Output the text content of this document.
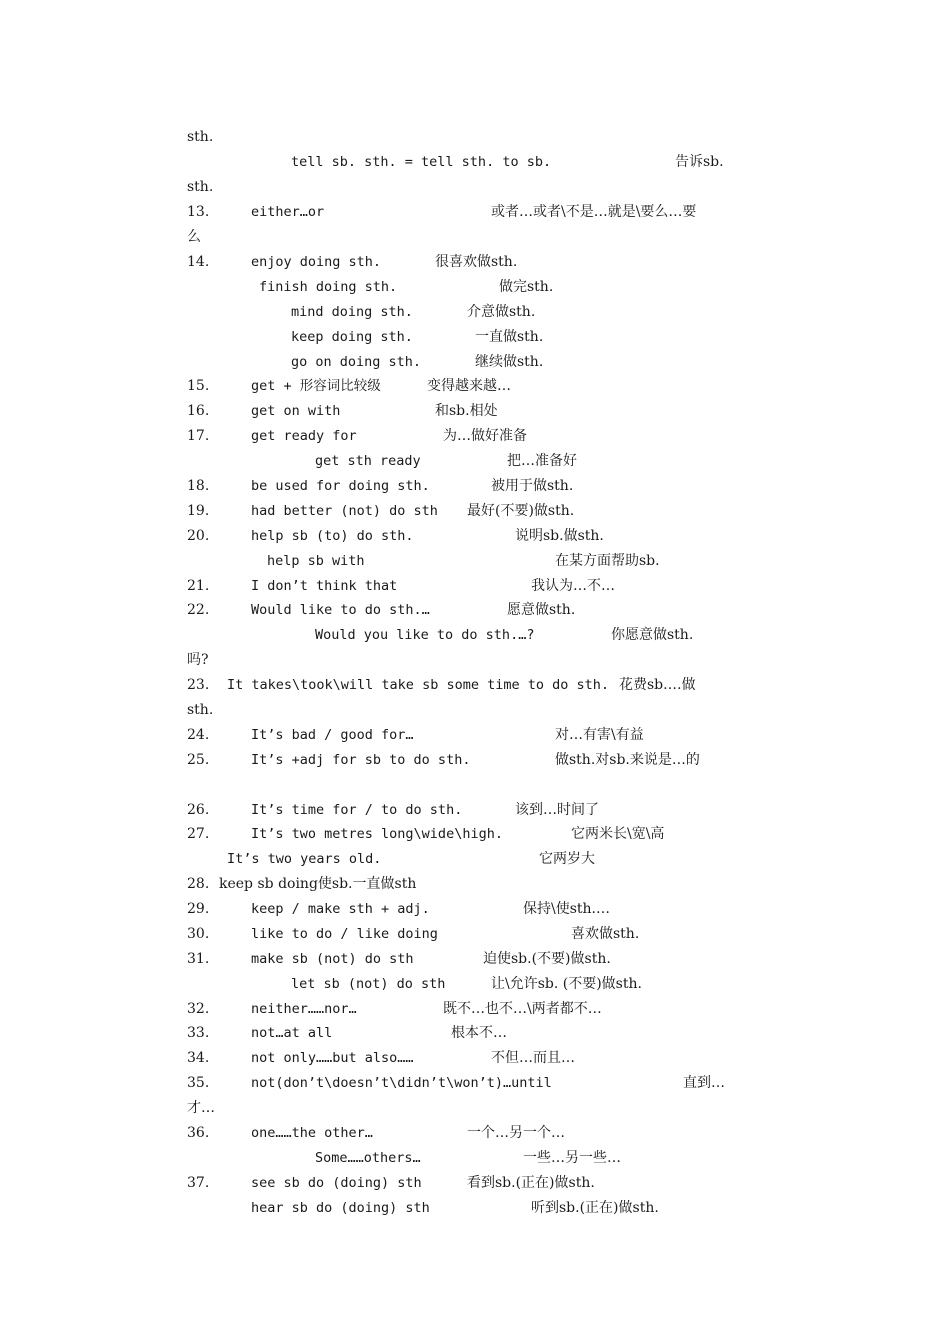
sth.
tell sb. sth. = tell sth. to sb.	告诉sb.
sth.
13.	either…or	或者…或者\不是…就是\要么…要
么
14.	enjoy doing sth.	很喜欢做sth.
finish doing sth.	做完sth.
mind doing sth.	介意做sth.
keep doing sth.	一直做sth.
go on doing sth.	继续做sth.
15.	get + 形容词比较级	变得越来越…
16.	get on with	和sb.相处
17.	get ready for	为…做好准备
get sth ready	把…准备好
18.	be used for doing sth.	被用于做sth.
19.	had better (not) do sth 最好(不要)做sth.
20.	help sb (to) do sth.	说明sb.做sth.
help sb with	在某方面帮助sb.
21.	I don’t think that	我认为…不…
22.	Would like to do sth.…	愿意做sth.
Would you like to do sth.…?	你愿意做sth.
吗?
23. It takes\took\will take sb some time to do sth. 花费sb.…做
sth.
24.	It’s bad / good for…	对…有害\有益
25.	It’s +adj for sb to do sth.	做sth.对sb.来说是…的
26.	It’s time for / to do sth.	该到…时间了
27.	It’s two metres long\wide\high.	它两米长\宽\高
It’s two years old.	它两岁大
28. keep sb doing使sb.一直做sth
29.	keep / make sth + adj.	保持\使sth.…
30.	like to do / like doing	喜欢做sth.
31.	make sb (not) do sth	迫使sb.(不要)做sth.
let sb (not) do sth	让\允许sb. (不要)做sth.
32.	neither……nor…	既不…也不…\两者都不…
33.	not…at all	根本不…
34.	not only……but also……	不但…而且…
35.	not(don’t\doesn’t\didn’t\won’t)…until	直到…
才…
36.	one……the other…	一个…另一个…
Some……others…	一些…另一些…
37.	see sb do (doing) sth	看到sb.(正在)做sth.
hear sb do (doing) sth	听到sb.(正在)做sth.
